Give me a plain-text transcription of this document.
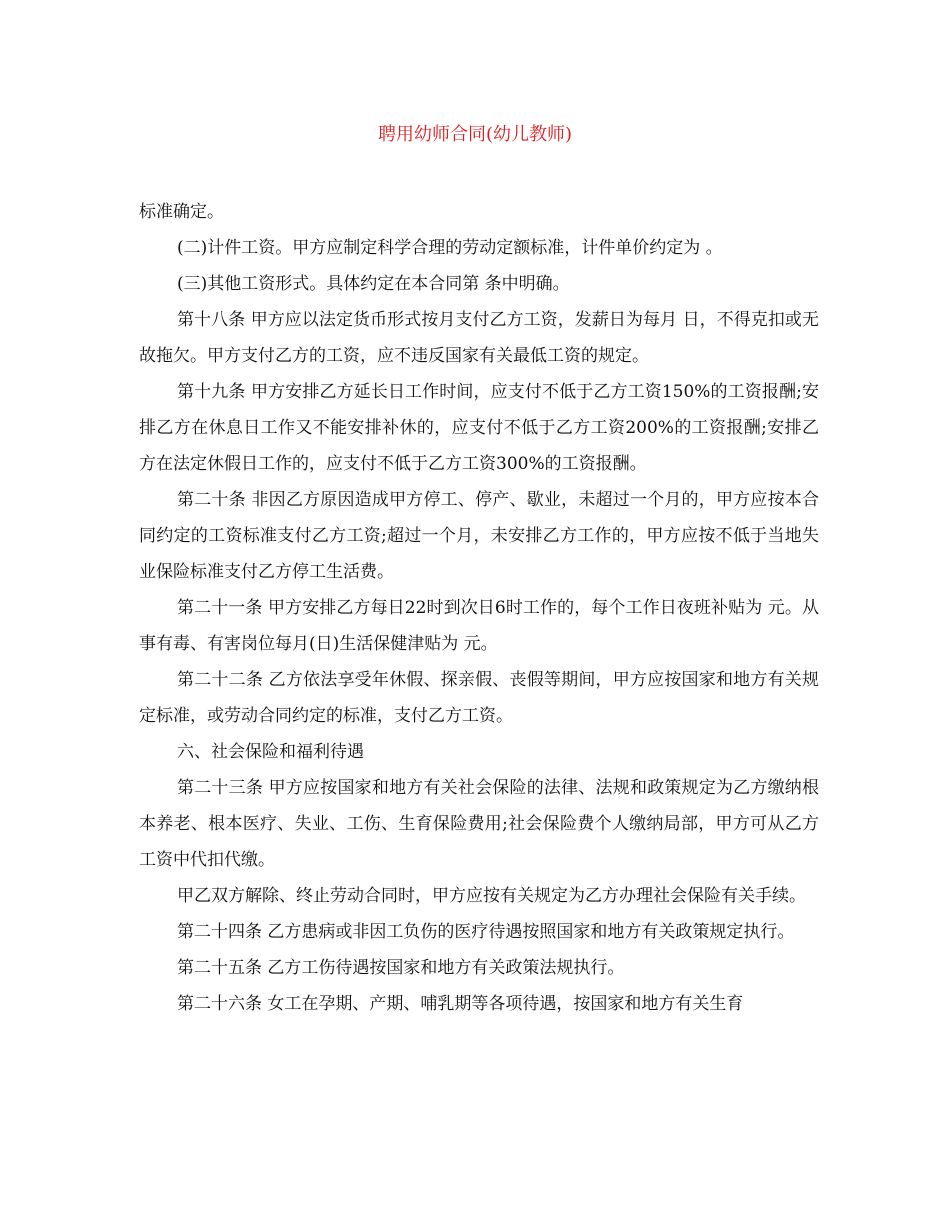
聘用幼师合同(幼儿教师)

标准确定。

(二)计件工资。甲方应制定科学合理的劳动定额标准，计件单价约定为 。

(三)其他工资形式。具体约定在本合同第 条中明确。

第十八条 甲方应以法定货币形式按月支付乙方工资，发薪日为每月 日，不得克扣或无故拖欠。甲方支付乙方的工资，应不违反国家有关最低工资的规定。

第十九条 甲方安排乙方延长日工作时间，应支付不低于乙方工资150%的工资报酬;安排乙方在休息日工作又不能安排补休的，应支付不低于乙方工资200%的工资报酬;安排乙方在法定休假日工作的，应支付不低于乙方工资300%的工资报酬。

第二十条 非因乙方原因造成甲方停工、停产、歇业，未超过一个月的，甲方应按本合同约定的工资标准支付乙方工资;超过一个月，未安排乙方工作的，甲方应按不低于当地失业保险标准支付乙方停工生活费。

第二十一条 甲方安排乙方每日22时到次日6时工作的，每个工作日夜班补贴为 元。从事有毒、有害岗位每月(日)生活保健津贴为 元。

第二十二条 乙方依法享受年休假、探亲假、丧假等期间，甲方应按国家和地方有关规定标准，或劳动合同约定的标准，支付乙方工资。

六、社会保险和福利待遇

第二十三条 甲方应按国家和地方有关社会保险的法律、法规和政策规定为乙方缴纳根本养老、根本医疗、失业、工伤、生育保险费用;社会保险费个人缴纳局部，甲方可从乙方工资中代扣代缴。

甲乙双方解除、终止劳动合同时，甲方应按有关规定为乙方办理社会保险有关手续。

第二十四条 乙方患病或非因工负伤的医疗待遇按照国家和地方有关政策规定执行。

第二十五条 乙方工伤待遇按国家和地方有关政策法规执行。

第二十六条 女工在孕期、产期、哺乳期等各项待遇，按国家和地方有关生育
